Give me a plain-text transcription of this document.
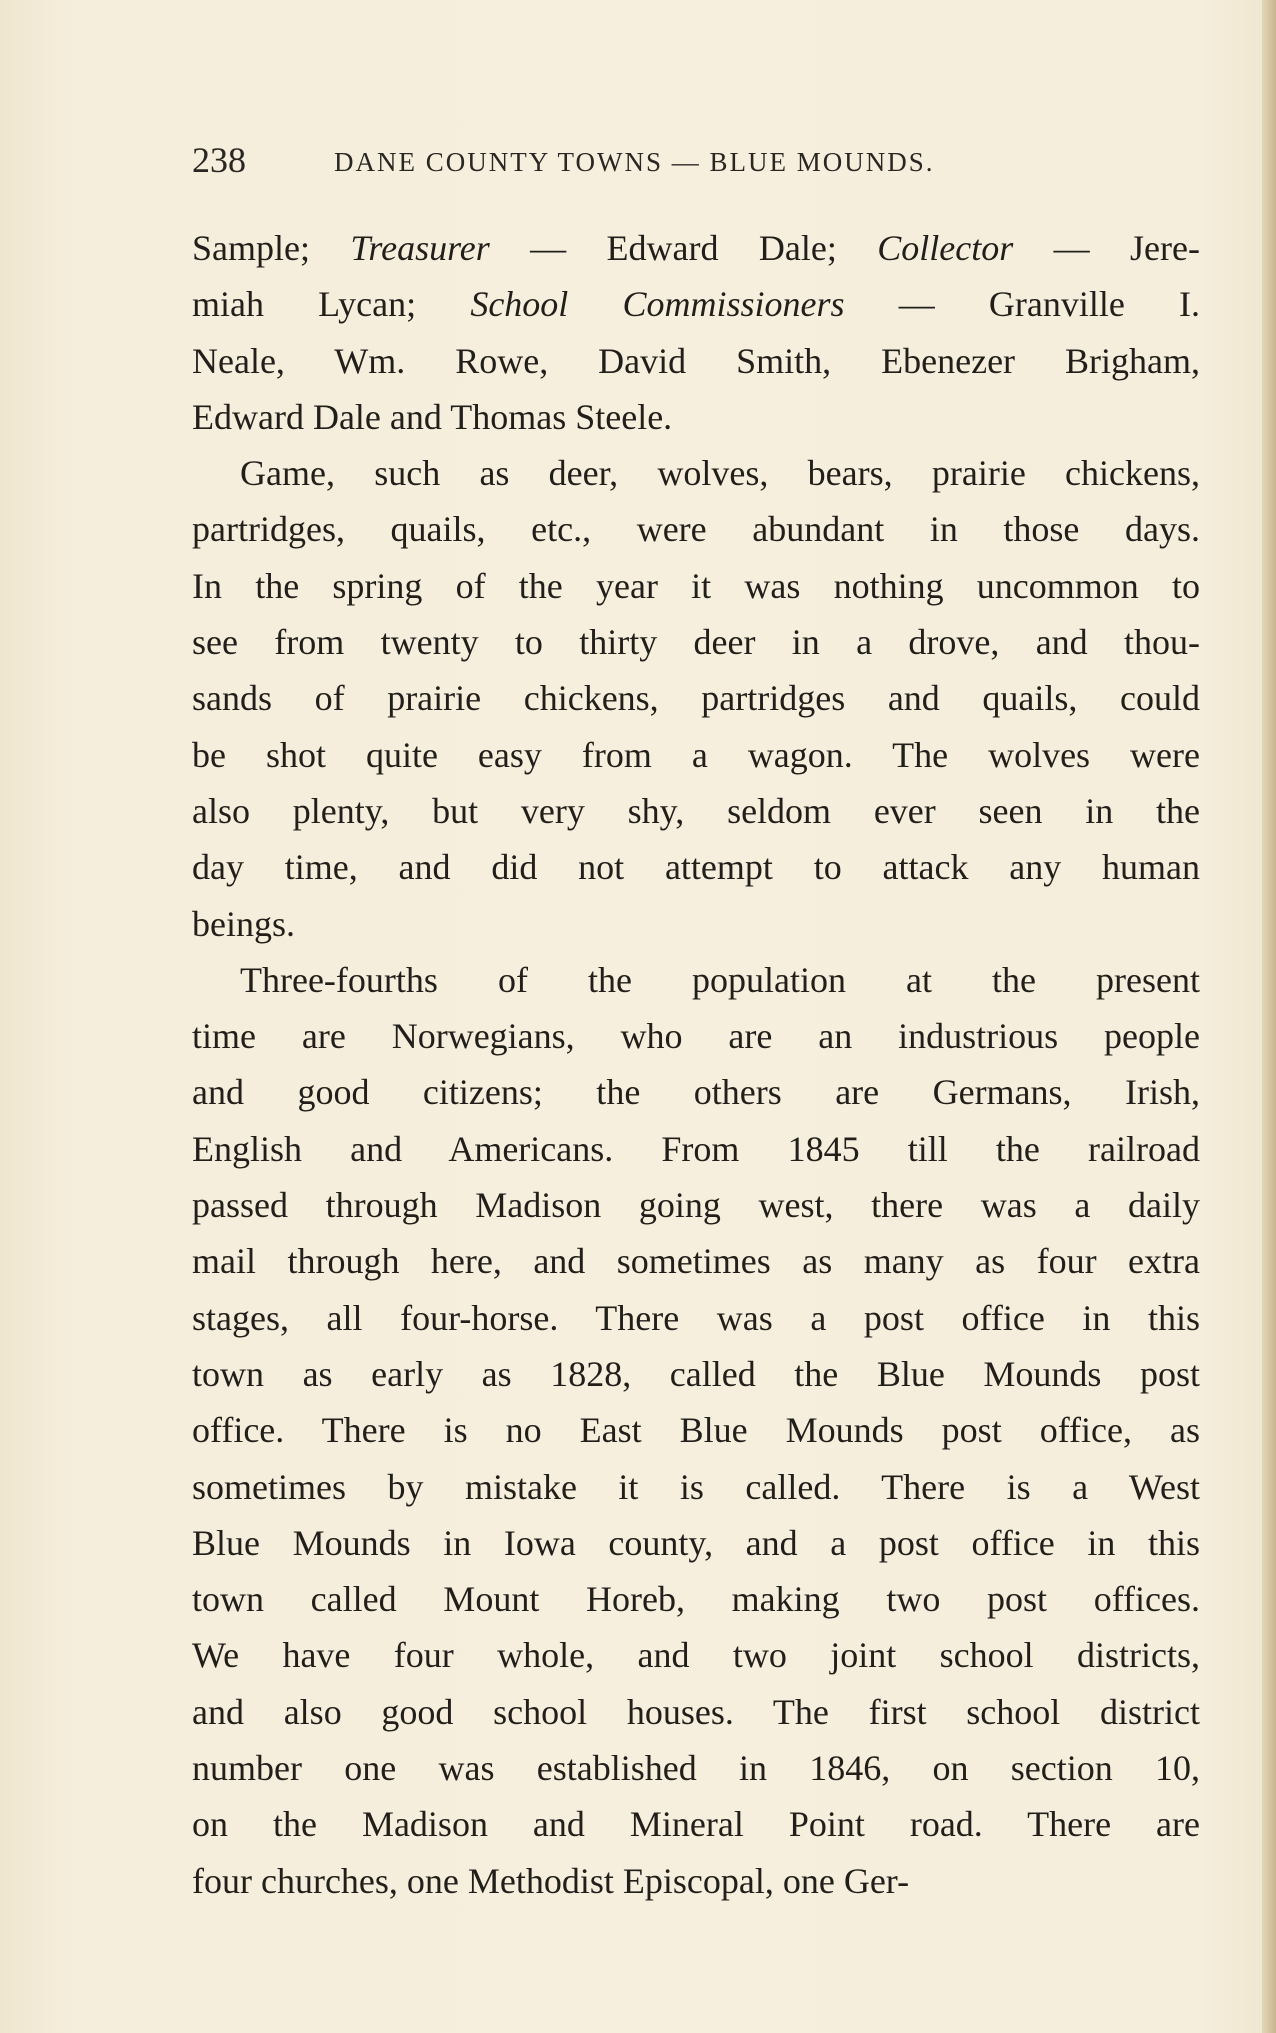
238	DANE COUNTY TOWNS — BLUE MOUNDS.
Sample; Treasurer — Edward Dale; Collector — Jere-
miah Lycan; School Commissioners — Granville I.
Neale, Wm. Rowe, David Smith, Ebenezer Brigham,
Edward Dale and Thomas Steele.
Game, such as deer, wolves, bears, prairie chickens,
partridges, quails, etc., were abundant in those days.
In the spring of the year it was nothing uncommon to
see from twenty to thirty deer in a drove, and thou-
sands of prairie chickens, partridges and quails, could
be shot quite easy from a wagon. The wolves were
also plenty, but very shy, seldom ever seen in the
day time, and did not attempt to attack any human
beings.
Three-fourths of the population at the present
time are Norwegians, who are an industrious people
and good citizens; the others are Germans, Irish,
English and Americans. From 1845 till the railroad
passed through Madison going west, there was a daily
mail through here, and sometimes as many as four extra
stages, all four-horse. There was a post office in this
town as early as 1828, called the Blue Mounds post
office. There is no East Blue Mounds post office, as
sometimes by mistake it is called. There is a West
Blue Mounds in Iowa county, and a post office in this
town called Mount Horeb, making two post offices.
We have four whole, and two joint school districts,
and also good school houses. The first school district
number one was established in 1846, on section 10,
on the Madison and Mineral Point road. There are
four churches, one Methodist Episcopal, one Ger-
